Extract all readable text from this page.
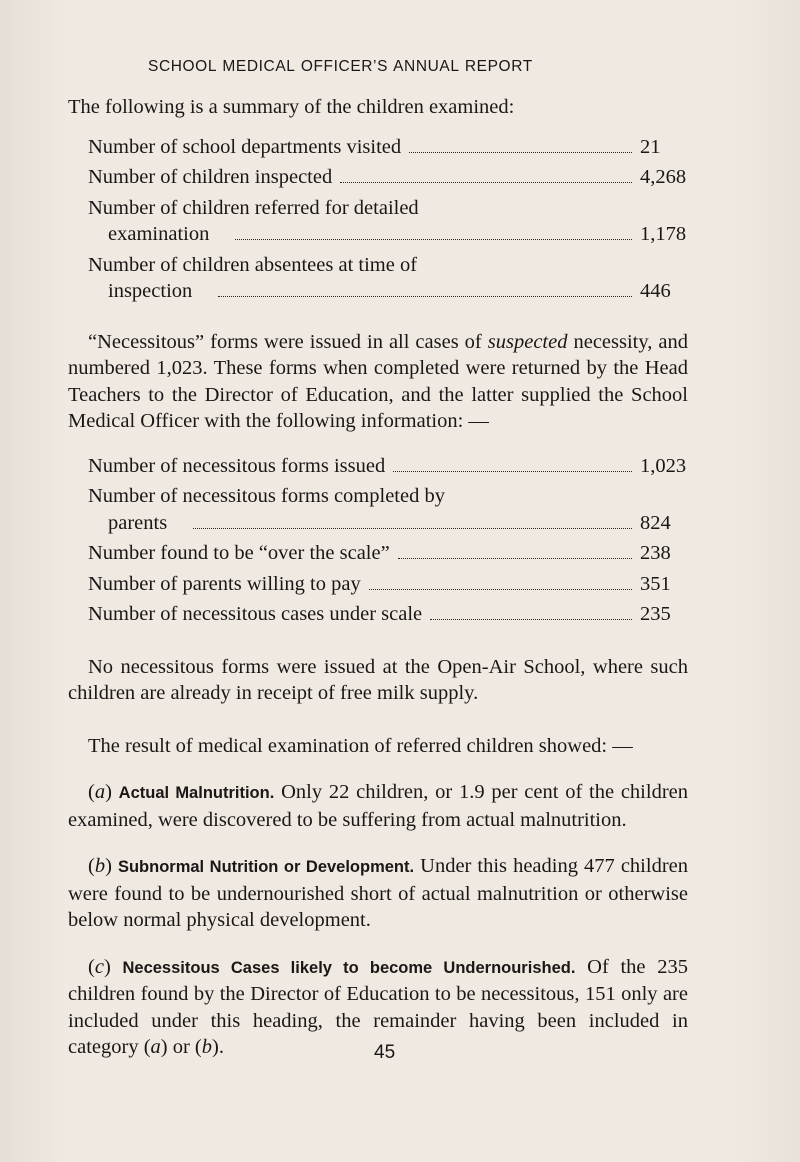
SCHOOL MEDICAL OFFICER’S ANNUAL REPORT

The following is a summary of the children examined:

Number of school departments visited	21
Number of children inspected	4,268
Number of children referred for detailed
examination	1,178
Number of children absentees at time of
inspection	446

“Necessitous” forms were issued in all cases of suspected necessity, and numbered 1,023. These forms when completed were returned by the Head Teachers to the Director of Education, and the latter supplied the School Medical Officer with the following information: —

Number of necessitous forms issued	1,023
Number of necessitous forms completed by
parents	824
Number found to be “over the scale”	238
Number of parents willing to pay	351
Number of necessitous cases under scale	235

No necessitous forms were issued at the Open-Air School, where such children are already in receipt of free milk supply.

The result of medical examination of referred children showed: —

(a) Actual Malnutrition. Only 22 children, or 1.9 per cent of the children examined, were discovered to be suffering from actual malnutrition.

(b) Subnormal Nutrition or Development. Under this heading 477 children were found to be undernourished short of actual malnutrition or otherwise below normal physical development.

(c) Necessitous Cases likely to become Undernourished. Of the 235 children found by the Director of Education to be necessitous, 151 only are included under this heading, the remainder having been included in category (a) or (b).	45
